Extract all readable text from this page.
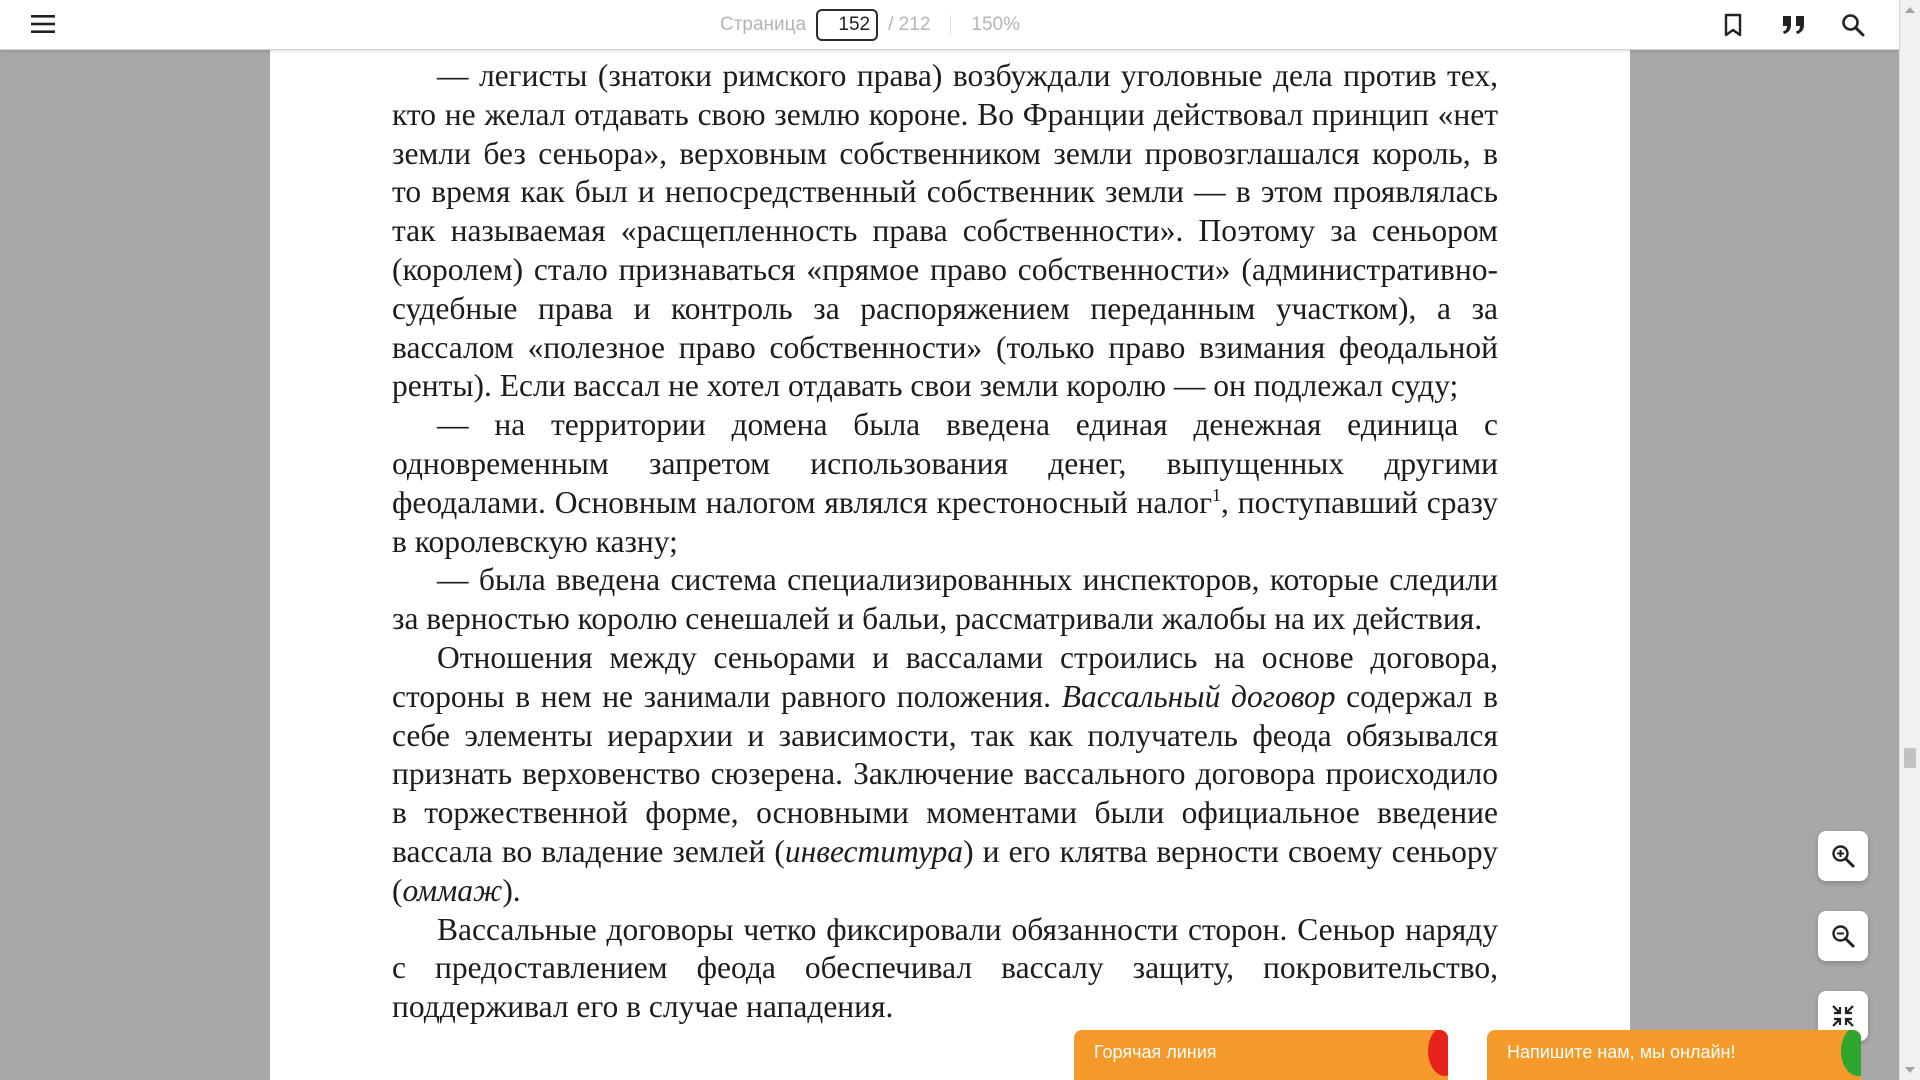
Страница
152	/ 212 150%

— легисты (знатоки римского права) возбуждали уголовные дела против тех, кто не желал отдавать свою землю короне. Во Франции действовал принцип «нет земли без сеньора», верховным собственником земли провозглашался король, в то время как был и непосредственный собственник земли — в этом проявлялась так называемая «расщепленность права собственности». Поэтому за сеньором (королем) стало признаваться «прямое право собственности» (административно-судебные права и контроль за распоряжением переданным участком), а за вассалом «полезное право собственности» (только право взимания феодальной ренты). Если вассал не хотел отдавать свои земли королю — он подлежал суду;

— на территории домена была введена единая денежная единица с одновременным запретом использования денег, выпущенных другими феодалами. Основным налогом являлся крестоносный налог$^1$, поступавший сразу в королевскую казну;

— была введена система специализированных инспекторов, которые следили за верностью королю сенешалей и бальи, рассматривали жалобы на их действия.

Отношения между сеньорами и вассалами строились на основе договора, стороны в нем не занимали равного положения. Вассальный договор содержал в себе элементы иерархии и зависимости, так как получатель феода обязывался признать верховенство сюзерена. Заключение вассального договора происходило в торжественной форме, основными моментами были официальное введение вассала во владение землей (инвеститура) и его клятва верности своему сеньору (оммаж).

Вассальные договоры четко фиксировали обязанности сторон. Сеньор наряду с предоставлением феода обеспечивал вассалу защиту, покровительство, поддерживал его в случае нападения.

Горячая линия	Напишите нам, мы онлайн!
